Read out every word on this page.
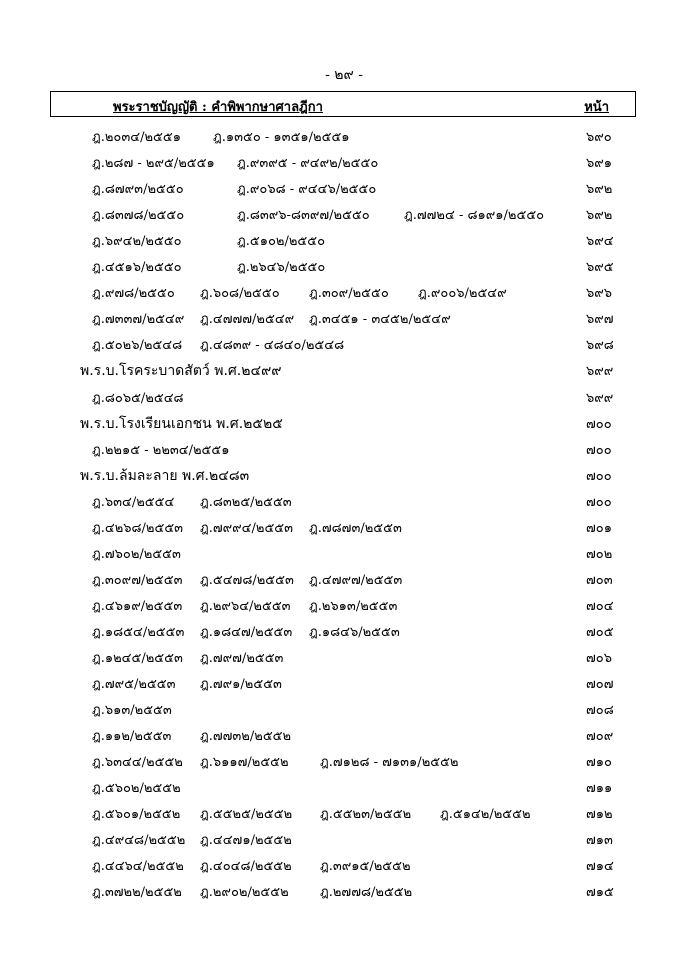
- ๒๙ -
พระราชบัญญัติ : คำพิพากษาศาลฎีกา	หน้า
ฎ.๒๐๓๔/๒๕๕๑ ฎ.๑๓๕๐ - ๑๓๕๑/๒๕๕๑	๖๙๐
ฎ.๒๘๗ - ๒๙๕/๒๕๕๑ ฎ.๙๓๙๕ - ๙๔๙๒/๒๕๕๐	๖๙๑
ฎ.๘๗๙๓/๒๕๕๐	ฎ.๙๐๖๘ - ๙๔๔๖/๒๕๕๐	๖๙๒
ฎ.๘๓๗๘/๒๕๕๐	ฎ.๘๓๙๖-๘๓๙๗/๒๕๕๐	ฎ.๗๗๒๔ - ๘๑๙๑/๒๕๕๐	๖๙๒
ฎ.๖๙๔๒/๒๕๕๐	ฎ.๕๑๐๒/๒๕๕๐	๖๙๔
ฎ.๔๕๑๖/๒๕๕๐	ฎ.๒๖๔๖/๒๕๕๐	๖๙๕
ฎ.๙๗๘/๒๕๕๐ ฎ.๖๐๘/๒๕๕๐ ฎ.๓๐๙/๒๕๕๐ ฎ.๙๐๐๖/๒๕๔๙	๖๙๖
ฎ.๗๓๓๗/๒๕๔๙ ฎ.๔๗๗๗/๒๕๔๙ ฎ.๓๔๕๑ - ๓๔๕๒/๒๕๔๙	๖๙๗
ฎ.๕๐๒๖/๒๕๔๘ ฎ.๔๘๓๙ - ๔๘๔๐/๒๕๔๘	๖๙๘
พ.ร.บ.โรคระบาดสัตว์ พ.ศ.๒๔๙๙	๖๙๙
ฎ.๘๐๖๕/๒๕๔๘	๖๙๙
พ.ร.บ.โรงเรียนเอกชน พ.ศ.๒๕๒๕	๗๐๐
ฎ.๒๒๑๕ - ๒๒๓๔/๒๕๕๑	๗๐๐
พ.ร.บ.ล้มละลาย พ.ศ.๒๔๘๓	๗๐๐
ฎ.๖๓๔/๒๕๕๔ ฎ.๘๓๒๕/๒๕๕๓	๗๐๐
ฎ.๔๒๖๘/๒๕๕๓ ฎ.๗๙๙๔/๒๕๕๓ ฎ.๗๘๗๓/๒๕๕๓	๗๐๑
ฎ.๗๖๐๒/๒๕๕๓	๗๐๒
ฎ.๓๐๙๗/๒๕๕๓ ฎ.๕๔๗๘/๒๕๕๓ ฎ.๔๗๙๗/๒๕๕๓	๗๐๓
ฎ.๔๖๑๙/๒๕๕๓ ฎ.๒๙๖๔/๒๕๕๓ ฎ.๒๖๑๓/๒๕๕๓	๗๐๔
ฎ.๑๘๕๔/๒๕๕๓ ฎ.๑๘๔๗/๒๕๕๓ ฎ.๑๘๔๖/๒๕๕๓	๗๐๕
ฎ.๑๒๔๕/๒๕๕๓ ฎ.๗๙๗/๒๕๕๓	๗๐๖
ฎ.๗๙๕/๒๕๕๓ ฎ.๗๙๑/๒๕๕๓	๗๐๗
ฎ.๖๑๓/๒๕๕๓	๗๐๘
ฎ.๑๑๒/๒๕๕๓ ฎ.๗๗๓๒/๒๕๕๒	๗๐๙
ฎ.๖๓๔๔/๒๕๕๒ ฎ.๖๑๑๗/๒๕๕๒ ฎ.๗๑๒๘ - ๗๑๓๑/๒๕๕๒	๗๑๐
ฎ.๕๖๐๒/๒๕๕๒	๗๑๑
ฎ.๕๖๐๑/๒๕๕๒ ฎ.๕๕๒๕/๒๕๕๒ ฎ.๕๕๒๓/๒๕๕๒ ฎ.๕๑๔๒/๒๕๕๒	๗๑๒
ฎ.๔๙๔๘/๒๕๕๒ ฎ.๔๔๗๑/๒๕๕๒	๗๑๓
ฎ.๔๔๖๔/๒๕๕๒ ฎ.๔๐๔๘/๒๕๕๒ ฎ.๓๙๑๕/๒๕๕๒	๗๑๔
ฎ.๓๗๒๒/๒๕๕๒ ฎ.๒๙๐๒/๒๕๕๒ ฎ.๒๗๗๘/๒๕๕๒	๗๑๕
